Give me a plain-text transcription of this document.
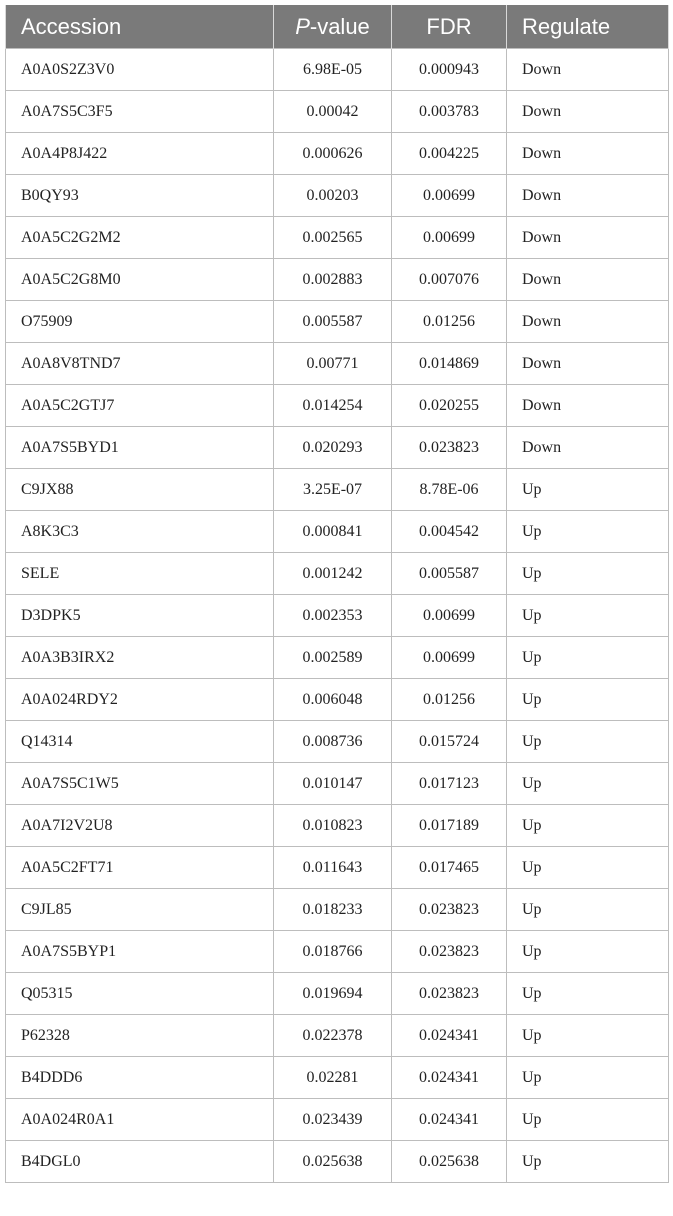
Accession	P-value	FDR	Regulate
A0A0S2Z3V0	6.98E-05	0.000943	Down
A0A7S5C3F5	0.00042	0.003783	Down
A0A4P8J422	0.000626	0.004225	Down
B0QY93	0.00203	0.00699	Down
A0A5C2G2M2	0.002565	0.00699	Down
A0A5C2G8M0	0.002883	0.007076	Down
O75909	0.005587	0.01256	Down
A0A8V8TND7	0.00771	0.014869	Down
A0A5C2GTJ7	0.014254	0.020255	Down
A0A7S5BYD1	0.020293	0.023823	Down
C9JX88	3.25E-07	8.78E-06	Up
A8K3C3	0.000841	0.004542	Up
SELE	0.001242	0.005587	Up
D3DPK5	0.002353	0.00699	Up
A0A3B3IRX2	0.002589	0.00699	Up
A0A024RDY2	0.006048	0.01256	Up
Q14314	0.008736	0.015724	Up
A0A7S5C1W5	0.010147	0.017123	Up
A0A7I2V2U8	0.010823	0.017189	Up
A0A5C2FT71	0.011643	0.017465	Up
C9JL85	0.018233	0.023823	Up
A0A7S5BYP1	0.018766	0.023823	Up
Q05315	0.019694	0.023823	Up
P62328	0.022378	0.024341	Up
B4DDD6	0.02281	0.024341	Up
A0A024R0A1	0.023439	0.024341	Up
B4DGL0	0.025638	0.025638	Up
